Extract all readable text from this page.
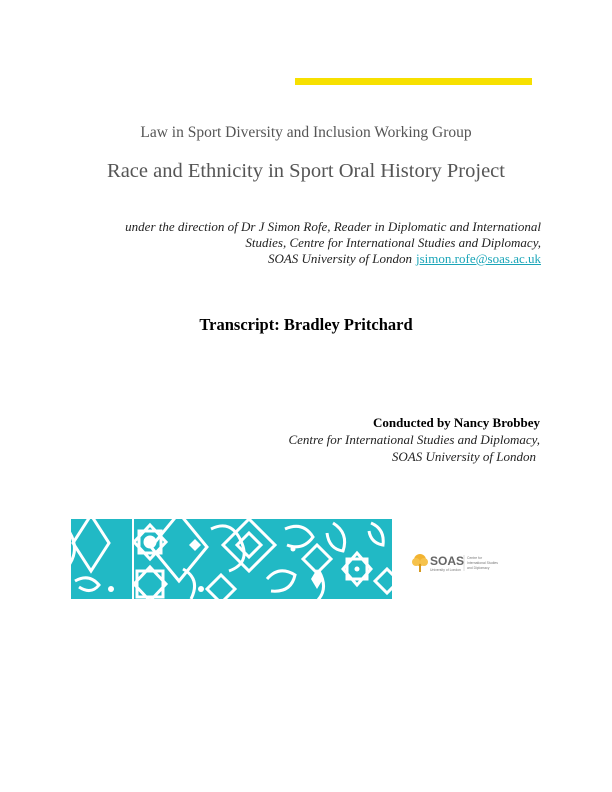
Law in Sport Diversity and Inclusion Working Group
Race and Ethnicity in Sport Oral History Project
under the direction of Dr J Simon Rofe, Reader in Diplomatic and International
Studies, Centre for International Studies and Diplomacy,
SOAS University of London jsimon.rofe@soas.ac.uk
Transcript: Bradley Pritchard
Conducted by Nancy Brobbey
Centre for International Studies and Diplomacy,
SOAS University of London
SOAS
University of London
Centre for
International Studies
and Diplomacy
